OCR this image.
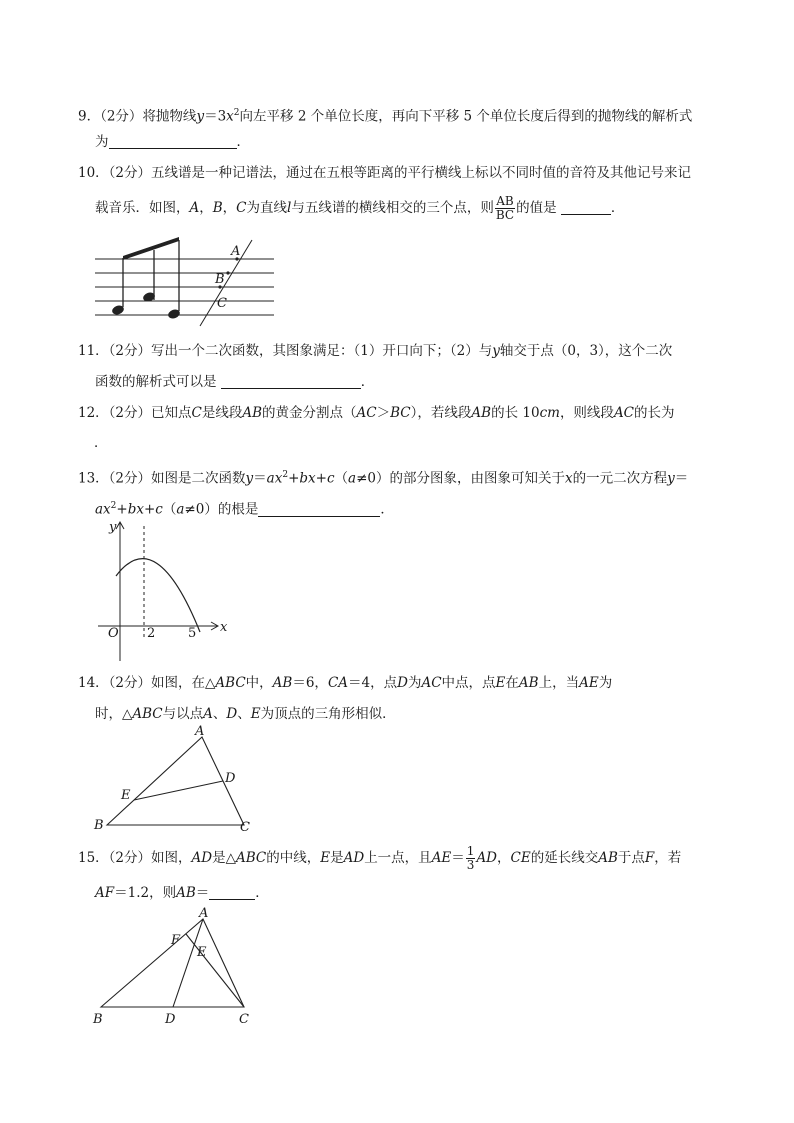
9．（2分）将抛物线$y=3x^2$向左平移 2 个单位长度，再向下平移 5 个单位长度后得到的抛物线的解析式
为	．
10．（2分）五线谱是一种记谱法，通过在五根等距离的平行横线上标以不同时值的音符及其他记号来记
载音乐．如图，A，B，C为直线l与五线谱的横线相交的三个点，则 $\frac{AB}{BC}$ 的值是	．
A
B
C
11．（2分）写出一个二次函数，其图象满足：（1）开口向下；（2）与y轴交于点（0，3），这个二次
函数的解析式可以是	．
12．（2分）已知点C是线段AB的黄金分割点（AC＞BC），若线段AB的长 10cm，则线段AC的长为
．
13．（2分）如图是二次函数$y=ax^2+bx+c(a\ne 0)$的部分图象，由图象可知关于x的一元二次方程y＝
$ax^2+bx+c(a\ne 0)$的根是	．
y
x
O 2	5
14．（2分）如图，在△ABC中，AB＝6，CA＝4，点D为AC中点，点E在AB上，当AE为
时，△ABC与以点A、D、E为顶点的三角形相似．
A
B	C
D
E
15．（2分）如图，AD是△ABC的中线，E是AD上一点，且$AE= \frac{1}{3}$ AD，CE的延长线交AB于点F，若
AF＝1.2，则AB＝	．
A
B	C
D
E
F
